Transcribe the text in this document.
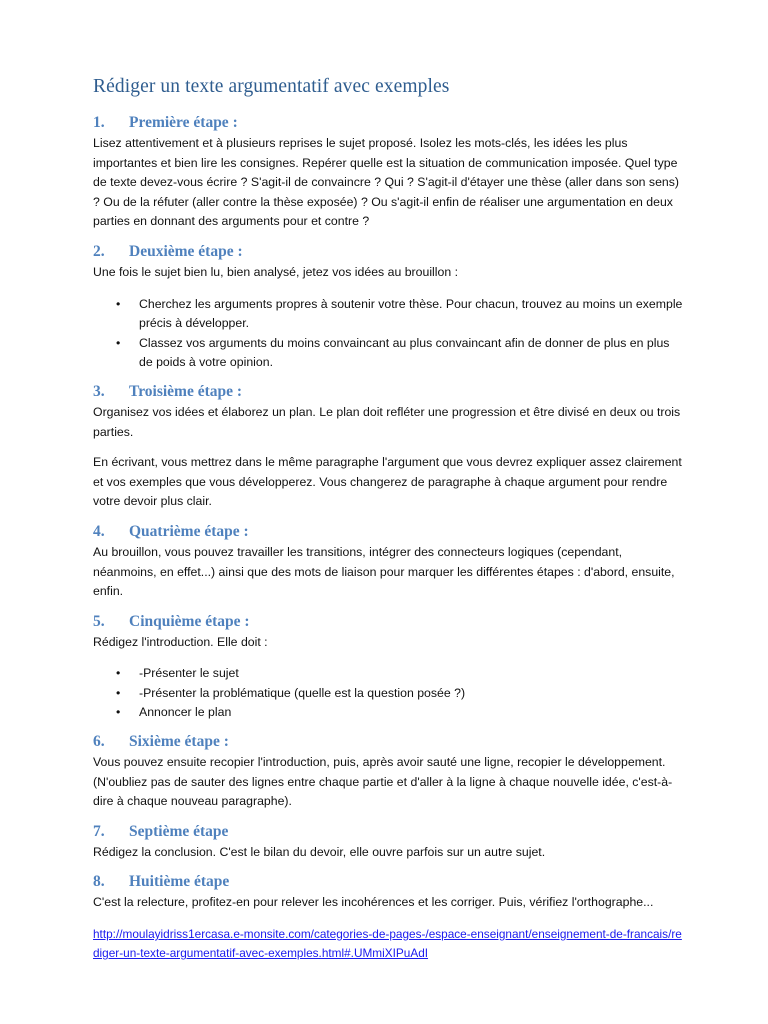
Rédiger un texte argumentatif avec exemples
1.	Première étape :

Lisez attentivement et à plusieurs reprises le sujet proposé. Isolez les mots-clés, les idées les plus importantes et bien lire les consignes. Repérer quelle est la situation de communication imposée. Quel type de texte devez-vous écrire ? S'agit-il de convaincre ? Qui ? S'agit-il d'étayer une thèse (aller dans son sens) ? Ou de la réfuter (aller contre la thèse exposée) ? Ou s'agit-il enfin de réaliser une argumentation en deux parties en donnant des arguments pour et contre ?

2.	Deuxième étape :

Une fois le sujet bien lu, bien analysé, jetez vos idées au brouillon :

• Cherchez les arguments propres à soutenir votre thèse. Pour chacun, trouvez au moins un exemple précis à développer.
• Classez vos arguments du moins convaincant au plus convaincant afin de donner de plus en plus de poids à votre opinion.
3.	Troisième étape :

Organisez vos idées et élaborez un plan. Le plan doit refléter une progression et être divisé en deux ou trois parties.

En écrivant, vous mettrez dans le même paragraphe l'argument que vous devrez expliquer assez clairement et vos exemples que vous développerez. Vous changerez de paragraphe à chaque argument pour rendre votre devoir plus clair.

4.	Quatrième étape :

Au brouillon, vous pouvez travailler les transitions, intégrer des connecteurs logiques (cependant, néanmoins, en effet...) ainsi que des mots de liaison pour marquer les différentes étapes : d'abord, ensuite, enfin.

5.	Cinquième étape :

Rédigez l'introduction. Elle doit :

• -Présenter le sujet
• -Présenter la problématique (quelle est la question posée ?)
• Annoncer le plan
6.	Sixième étape :

Vous pouvez ensuite recopier l'introduction, puis, après avoir sauté une ligne, recopier le développement. (N'oubliez pas de sauter des lignes entre chaque partie et d'aller à la ligne à chaque nouvelle idée, c'est-à-dire à chaque nouveau paragraphe).

7.	Septième étape

Rédigez la conclusion. C'est le bilan du devoir, elle ouvre parfois sur un autre sujet.

8.	Huitième étape

C'est la relecture, profitez-en pour relever les incohérences et les corriger. Puis, vérifiez l'orthographe...

http://moulayidriss1ercasa.e-monsite.com/categories-de-pages-/espace-enseignant/enseignement-de-francais/rediger-un-texte-argumentatif-avec-exemples.html#.UMmiXIPuAdI
